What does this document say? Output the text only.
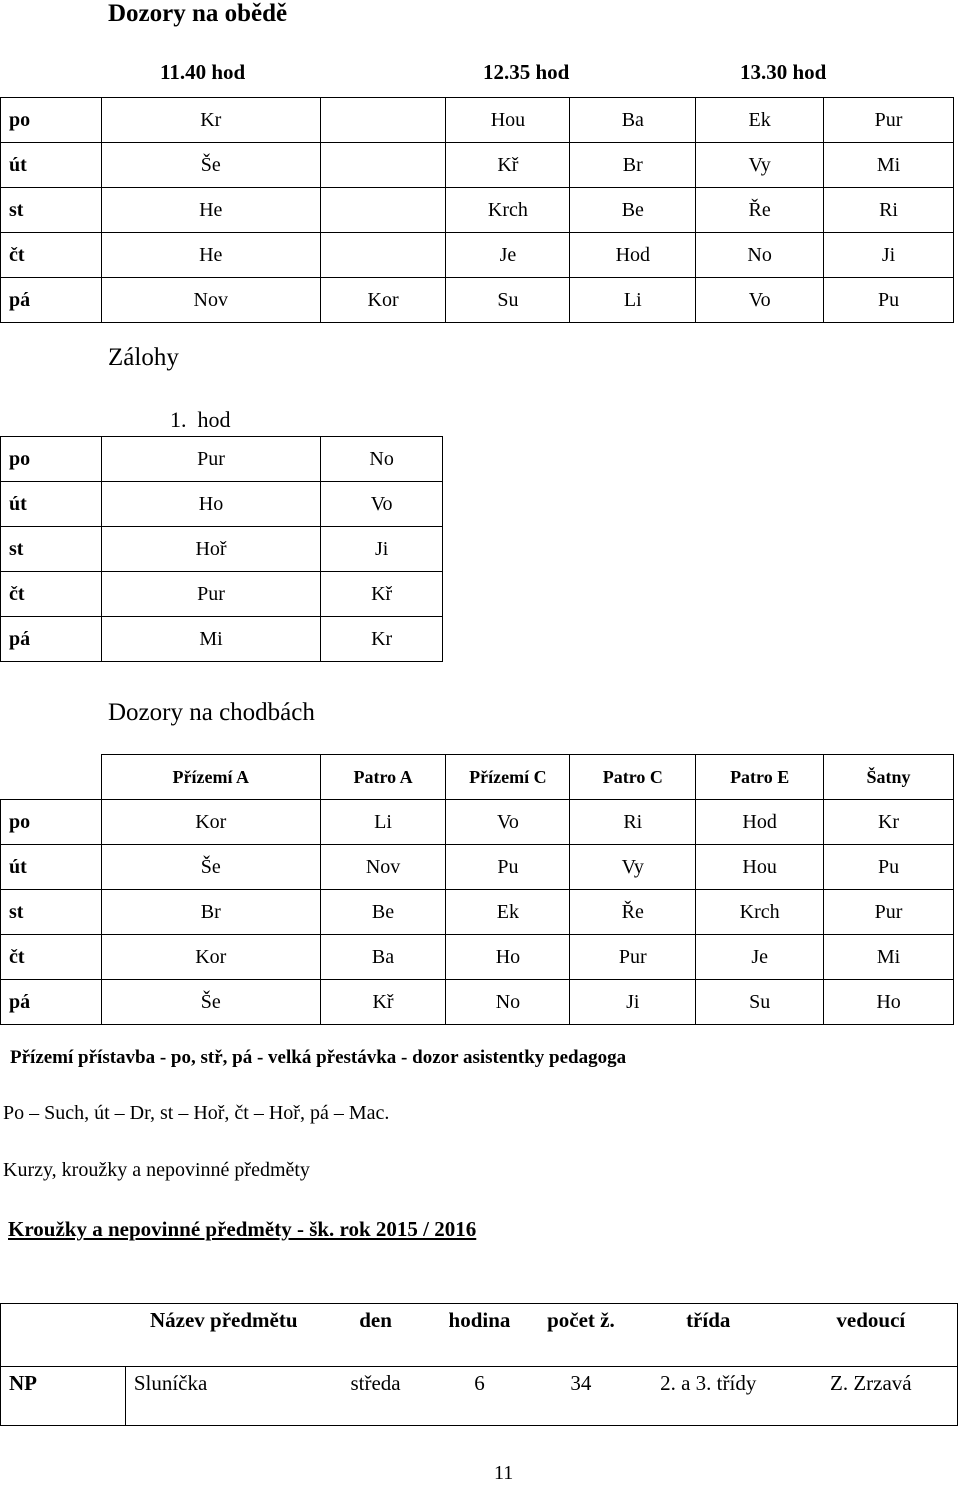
Dozory na obědě
11.40 hod	12.35 hod	13.30 hod
po	Kr		Hou	Ba	Ek	Pur
út	Še		Kř	Br	Vy	Mi
st	He		Krch	Be	Ře	Ri
čt	He		Je	Hod	No	Ji
pá	Nov	Kor	Su	Li	Vo	Pu
Zálohy
1.  hod
po	Pur	No
út	Ho	Vo
st	Hoř	Ji
čt	Pur	Kř
pá	Mi	Kr
Dozory na chodbách
	Přízemí A	Patro A	Přízemí C	Patro C	Patro E	Šatny
po	Kor	Li	Vo	Ri	Hod	Kr
út	Še	Nov	Pu	Vy	Hou	Pu
st	Br	Be	Ek	Ře	Krch	Pur
čt	Kor	Ba	Ho	Pur	Je	Mi
pá	Še	Kř	No	Ji	Su	Ho
Přízemí přístavba - po, stř, pá - velká přestávka - dozor asistentky pedagoga
Po – Such, út – Dr, st – Hoř, čt – Hoř, pá – Mac.
Kurzy, kroužky a nepovinné předměty
Kroužky a nepovinné předměty - šk. rok 2015 / 2016
	Název předmětu	den	hodina	počet ž.	třída	vedoucí
NP	Sluníčka	středa	6	34	2. a 3. třídy	Z. Zrzavá
11
